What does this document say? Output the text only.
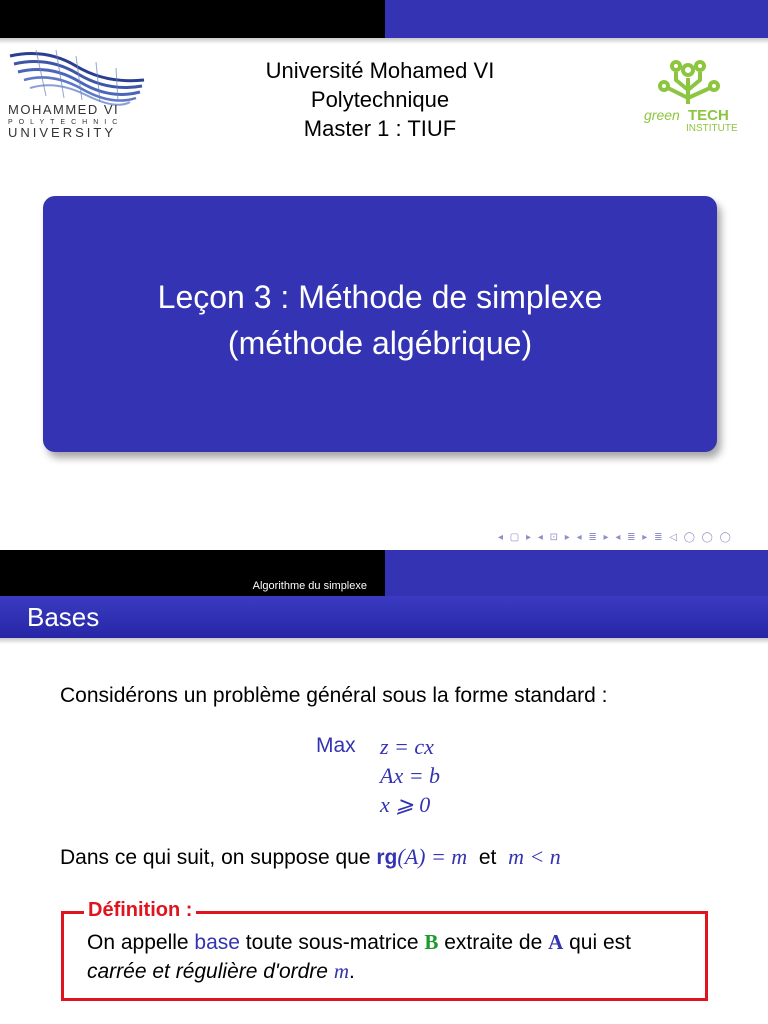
MOHAMMED VI
POLYTECHNIC
UNIVERSITY
Université Mohamed VI
Polytechnique
Master 1 : TIUF
green TECH
INSTITUTE
Leçon 3 : Méthode de simplexe
(méthode algébrique)
◂ ▢ ▸ ◂ ⊡ ▸ ◂ ≣ ▸ ◂ ≣ ▸ ≣ ◁ ◯ ◯ ◯
Algorithme du simplexe
Bases
Considérons un problème général sous la forme standard :
Max z = cx
Ax = b
x ⩾ 0
Dans ce qui suit, on suppose que rg(A) = m  et  m < n
Définition :
On appelle base toute sous-matrice B extraite de A qui est
carrée et régulière d'ordre m.
